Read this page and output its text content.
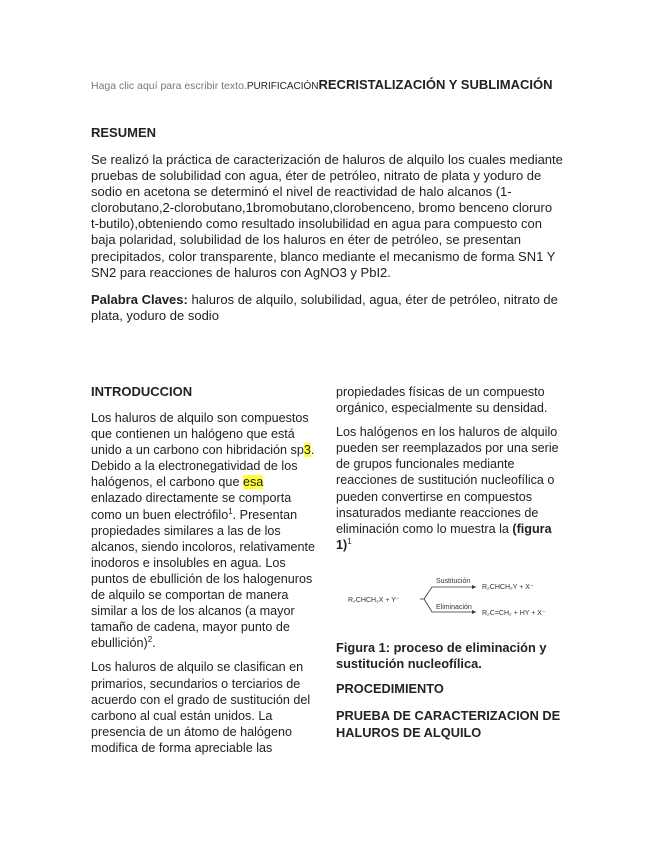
Haga clic aquí para escribir texto.PURIFICACIÓNRECRISTALIZACIÓN Y SUBLIMACIÓN
RESUMEN
Se realizó la práctica de caracterización de haluros de alquilo los cuales mediante pruebas de solubilidad con agua, éter de petróleo, nitrato de plata y yoduro de sodio en acetona se determinó el nivel de reactividad de halo alcanos (1-clorobutano,2-clorobutano,1bromobutano,clorobenceno, bromo benceno cloruro t-butilo),obteniendo como resultado insolubilidad en agua para compuesto con baja polaridad, solubilidad de los haluros en éter de petróleo, se presentan precipitados, color transparente, blanco mediante el mecanismo de forma SN1 Y SN2 para reacciones de haluros con AgNO3 y PbI2.
Palabra Claves: haluros de alquilo, solubilidad, agua, éter de petróleo, nitrato de plata, yoduro de sodio
INTRODUCCION

Los haluros de alquilo son compuestos que contienen un halógeno que está unido a un carbono con hibridación sp3. Debido a la electronegatividad de los halógenos, el carbono que esa enlazado directamente se comporta como un buen electrófilo$^1$. Presentan propiedades similares a las de los alcanos, siendo incoloros, relativamente inodoros e insolubles en agua. Los puntos de ebullición de los halogenuros de alquilo se comportan de manera similar a los de los alcanos (a mayor tamaño de cadena, mayor punto de ebullición)$^2$.

Los haluros de alquilo se clasifican en primarios, secundarios o terciarios de acuerdo con el grado de sustitución del carbono al cual están unidos. La presencia de un átomo de halógeno modifica de forma apreciable las

propiedades físicas de un compuesto orgánico, especialmente su densidad.

Los halógenos en los haluros de alquilo pueden ser reemplazados por una serie de grupos funcionales mediante reacciones de sustitución nucleofílica o pueden convertirse en compuestos insaturados mediante reacciones de eliminación como lo muestra la (figura 1)$^1$

R₂CHCH₂X + Y⁻
Sustitución
Eliminación
R₂CHCH₂Y + X⁻
R₂C=CH₂ + HY + X⁻
Figura 1: proceso de eliminación y sustitución nucleofílica.
PROCEDIMIENTO
PRUEBA DE CARACTERIZACION DE HALUROS DE ALQUILO
